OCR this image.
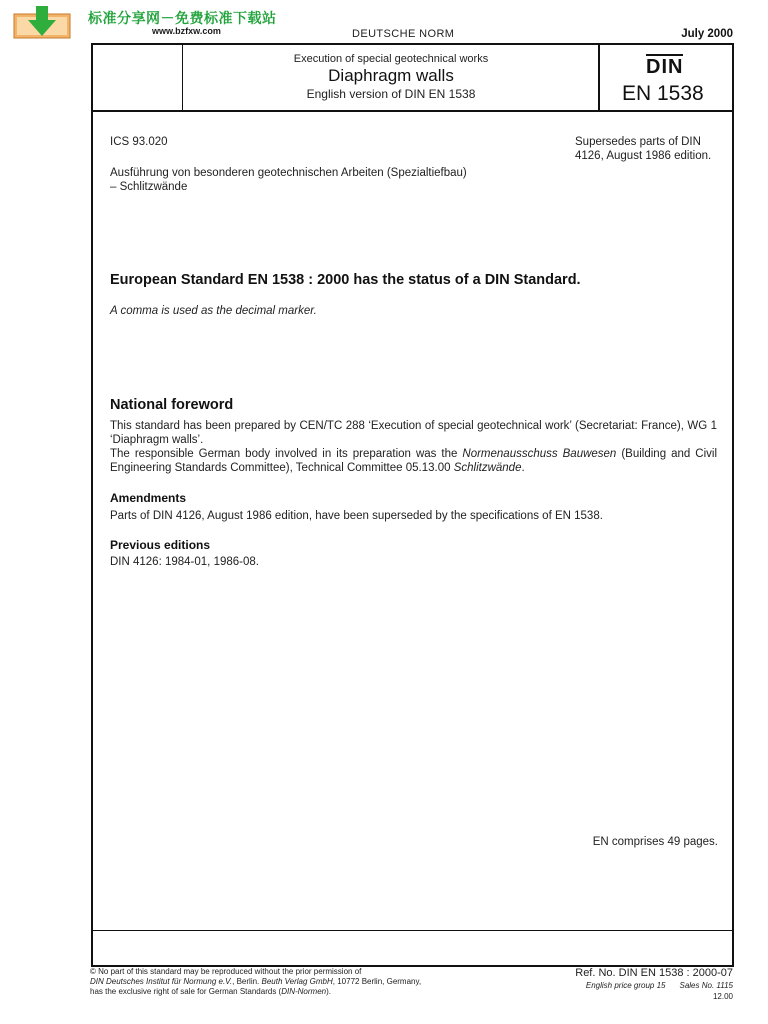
标准分享网－免费标准下载站
www.bzfxw.com	DEUTSCHE NORM	July 2000
Execution of special geotechnical works
Diaphragm walls
English version of DIN EN 1538
DIN
EN 1538
ICS 93.020	Supersedes parts of DIN 4126, August 1986 edition.
Ausführung von besonderen geotechnischen Arbeiten (Spezialtiefbau) – Schlitzwände
European Standard EN 1538 : 2000 has the status of a DIN Standard.
A comma is used as the decimal marker.
National foreword
This standard has been prepared by CEN/TC 288 ‘Execution of special geotechnical work’ (Secretariat: France), WG 1 ‘Diaphragm walls’.
The responsible German body involved in its preparation was the Normenausschuss Bauwesen (Building and Civil Engineering Standards Committee), Technical Committee 05.13.00 Schlitzwände.
Amendments
Parts of DIN 4126, August 1986 edition, have been superseded by the specifications of EN 1538.
Previous editions
DIN 4126: 1984-01, 1986-08.
EN comprises 49 pages.
© No part of this standard may be reproduced without the prior permission of
DIN Deutsches Institut für Normung e.V., Berlin. Beuth Verlag GmbH, 10772 Berlin, Germany,
has the exclusive right of sale for German Standards (DIN-Normen).
Ref. No. DIN EN 1538 : 2000-07
English price group 15 Sales No. 1115
12.00
